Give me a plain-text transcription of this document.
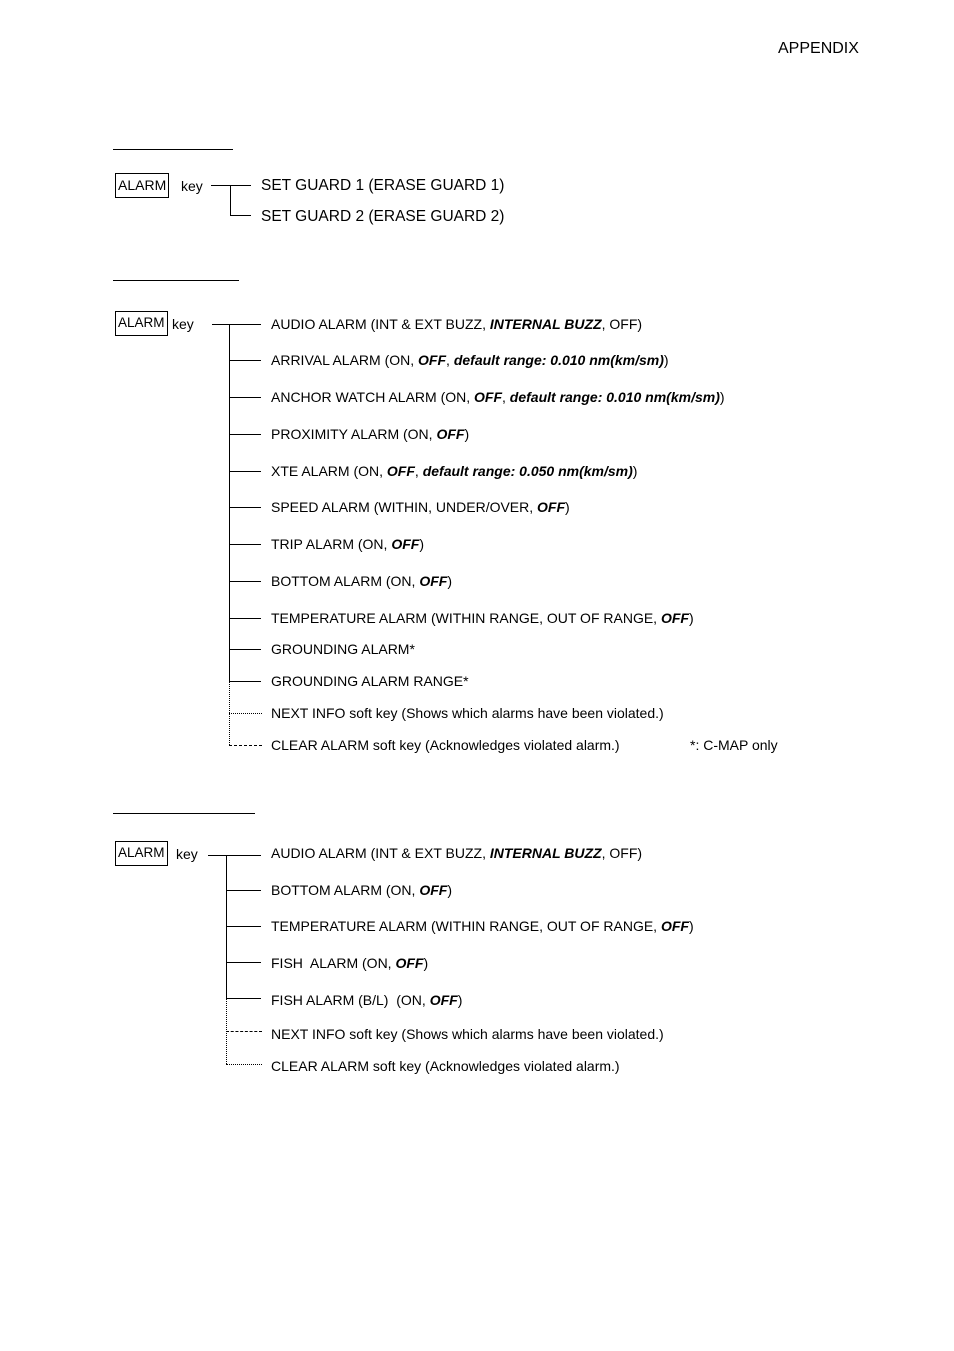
APPENDIX
ALARM key	SET GUARD 1 (ERASE GUARD 1)
SET GUARD 2 (ERASE GUARD 2)
ALARM key	AUDIO ALARM (INT & EXT BUZZ, INTERNAL BUZZ, OFF)
ARRIVAL ALARM (ON, OFF, default range: 0.010 nm(km/sm))
ANCHOR WATCH ALARM (ON, OFF, default range: 0.010 nm(km/sm))
PROXIMITY ALARM (ON, OFF)
XTE ALARM (ON, OFF, default range: 0.050 nm(km/sm))
SPEED ALARM (WITHIN, UNDER/OVER, OFF)
TRIP ALARM (ON, OFF)
BOTTOM ALARM (ON, OFF)
TEMPERATURE ALARM (WITHIN RANGE, OUT OF RANGE, OFF)
GROUNDING ALARM*
GROUNDING ALARM RANGE*
NEXT INFO soft key (Shows which alarms have been violated.)
CLEAR ALARM soft key (Acknowledges violated alarm.)	*: C-MAP only
ALARM key	AUDIO ALARM (INT & EXT BUZZ, INTERNAL BUZZ, OFF)
BOTTOM ALARM (ON, OFF)
TEMPERATURE ALARM (WITHIN RANGE, OUT OF RANGE, OFF)
FISH  ALARM (ON, OFF)
FISH ALARM (B/L)  (ON, OFF)
NEXT INFO soft key (Shows which alarms have been violated.)
CLEAR ALARM soft key (Acknowledges violated alarm.)
